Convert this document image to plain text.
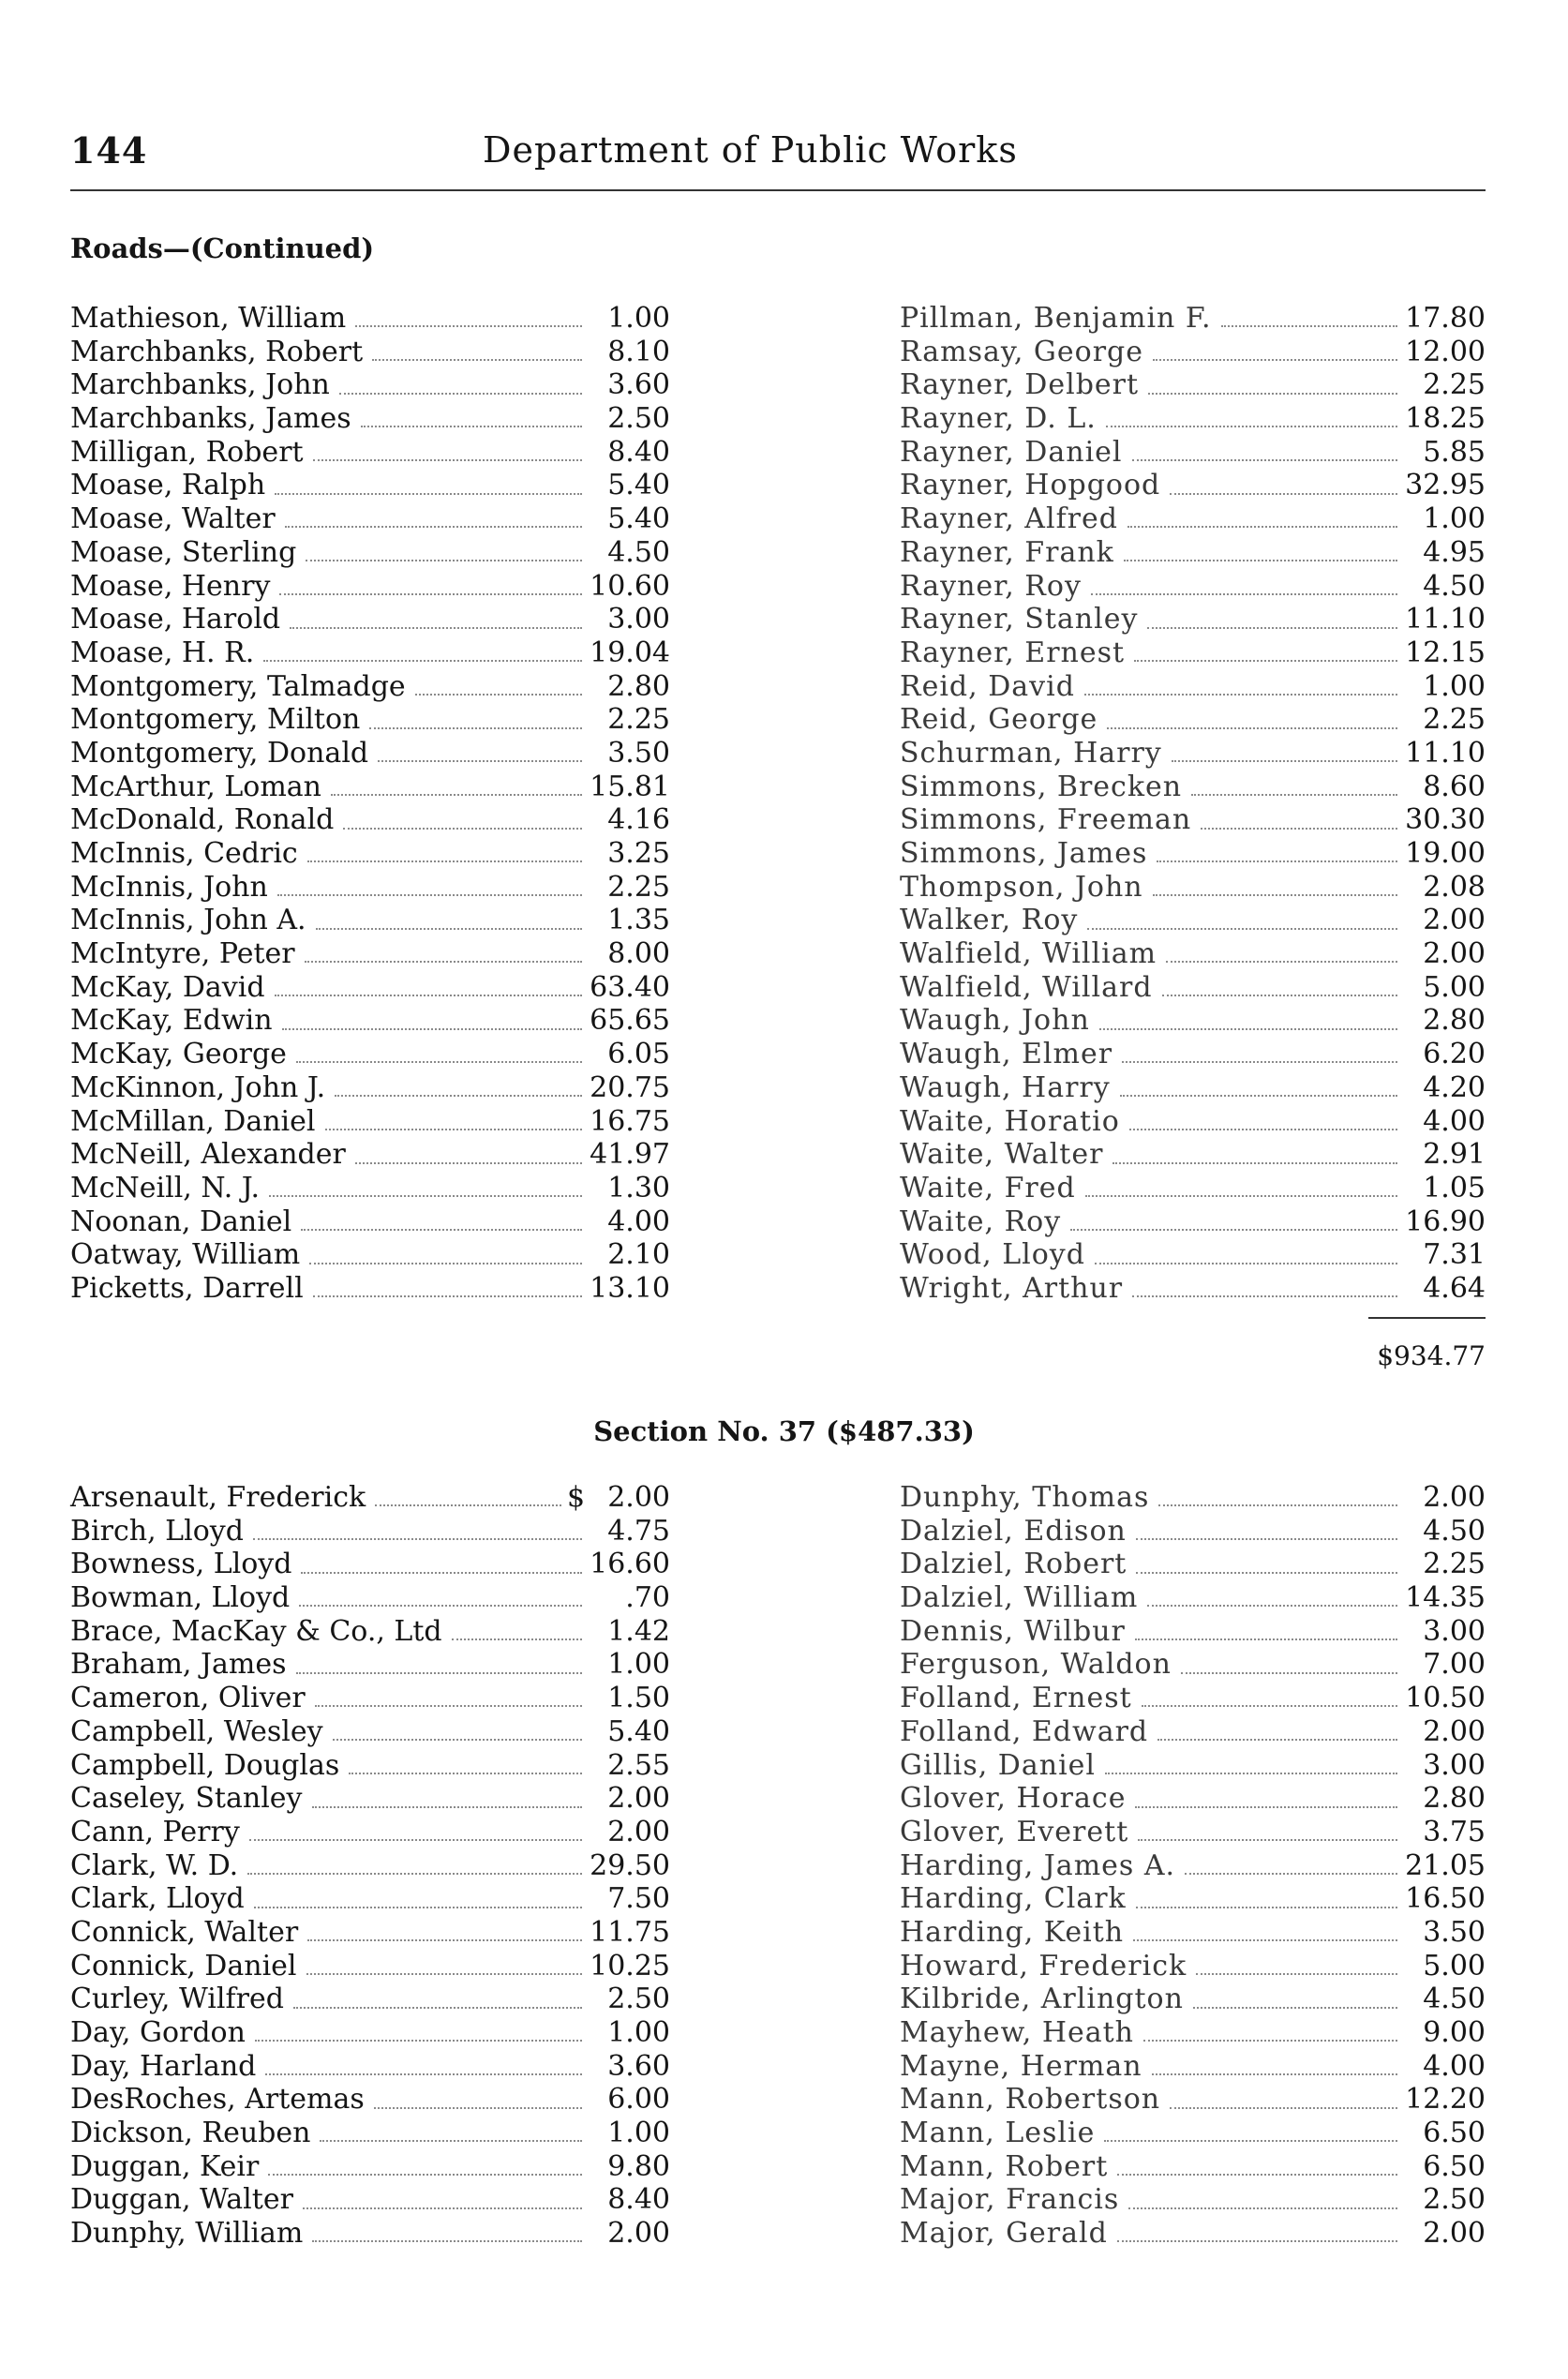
144	Department of Public Works
Roads—(Continued)
Mathieson, William	1.00
Marchbanks, Robert	8.10
Marchbanks, John	3.60
Marchbanks, James	2.50
Milligan, Robert	8.40
Moase, Ralph	5.40
Moase, Walter	5.40
Moase, Sterling	4.50
Moase, Henry	10.60
Moase, Harold	3.00
Moase, H. R.	19.04
Montgomery, Talmadge	2.80
Montgomery, Milton	2.25
Montgomery, Donald	3.50
McArthur, Loman	15.81
McDonald, Ronald	4.16
McInnis, Cedric	3.25
McInnis, John	2.25
McInnis, John A.	1.35
McIntyre, Peter	8.00
McKay, David	63.40
McKay, Edwin	65.65
McKay, George	6.05
McKinnon, John J.	20.75
McMillan, Daniel	16.75
McNeill, Alexander	41.97
McNeill, N. J.	1.30
Noonan, Daniel	4.00
Oatway, William	2.10
Picketts, Darrell	13.10
Pillman, Benjamin F.	17.80
Ramsay, George	12.00
Rayner, Delbert	2.25
Rayner, D. L.	18.25
Rayner, Daniel	5.85
Rayner, Hopgood	32.95
Rayner, Alfred	1.00
Rayner, Frank	4.95
Rayner, Roy	4.50
Rayner, Stanley	11.10
Rayner, Ernest	12.15
Reid, David	1.00
Reid, George	2.25
Schurman, Harry	11.10
Simmons, Brecken	8.60
Simmons, Freeman	30.30
Simmons, James	19.00
Thompson, John	2.08
Walker, Roy	2.00
Walfield, William	2.00
Walfield, Willard	5.00
Waugh, John	2.80
Waugh, Elmer	6.20
Waugh, Harry	4.20
Waite, Horatio	4.00
Waite, Walter	2.91
Waite, Fred	1.05
Waite, Roy	16.90
Wood, Lloyd	7.31
Wright, Arthur	4.64
$934.77
Section No. 37 ($487.33)
Arsenault, Frederick	$ 2.00
Birch, Lloyd	4.75
Bowness, Lloyd	16.60
Bowman, Lloyd	.70
Brace, MacKay & Co., Ltd	1.42
Braham, James	1.00
Cameron, Oliver	1.50
Campbell, Wesley	5.40
Campbell, Douglas	2.55
Caseley, Stanley	2.00
Cann, Perry	2.00
Clark, W. D.	29.50
Clark, Lloyd	7.50
Connick, Walter	11.75
Connick, Daniel	10.25
Curley, Wilfred	2.50
Day, Gordon	1.00
Day, Harland	3.60
DesRoches, Artemas	6.00
Dickson, Reuben	1.00
Duggan, Keir	9.80
Duggan, Walter	8.40
Dunphy, William	2.00
Dunphy, Thomas	2.00
Dalziel, Edison	4.50
Dalziel, Robert	2.25
Dalziel, William	14.35
Dennis, Wilbur	3.00
Ferguson, Waldon	7.00
Folland, Ernest	10.50
Folland, Edward	2.00
Gillis, Daniel	3.00
Glover, Horace	2.80
Glover, Everett	3.75
Harding, James A.	21.05
Harding, Clark	16.50
Harding, Keith	3.50
Howard, Frederick	5.00
Kilbride, Arlington	4.50
Mayhew, Heath	9.00
Mayne, Herman	4.00
Mann, Robertson	12.20
Mann, Leslie	6.50
Mann, Robert	6.50
Major, Francis	2.50
Major, Gerald	2.00
